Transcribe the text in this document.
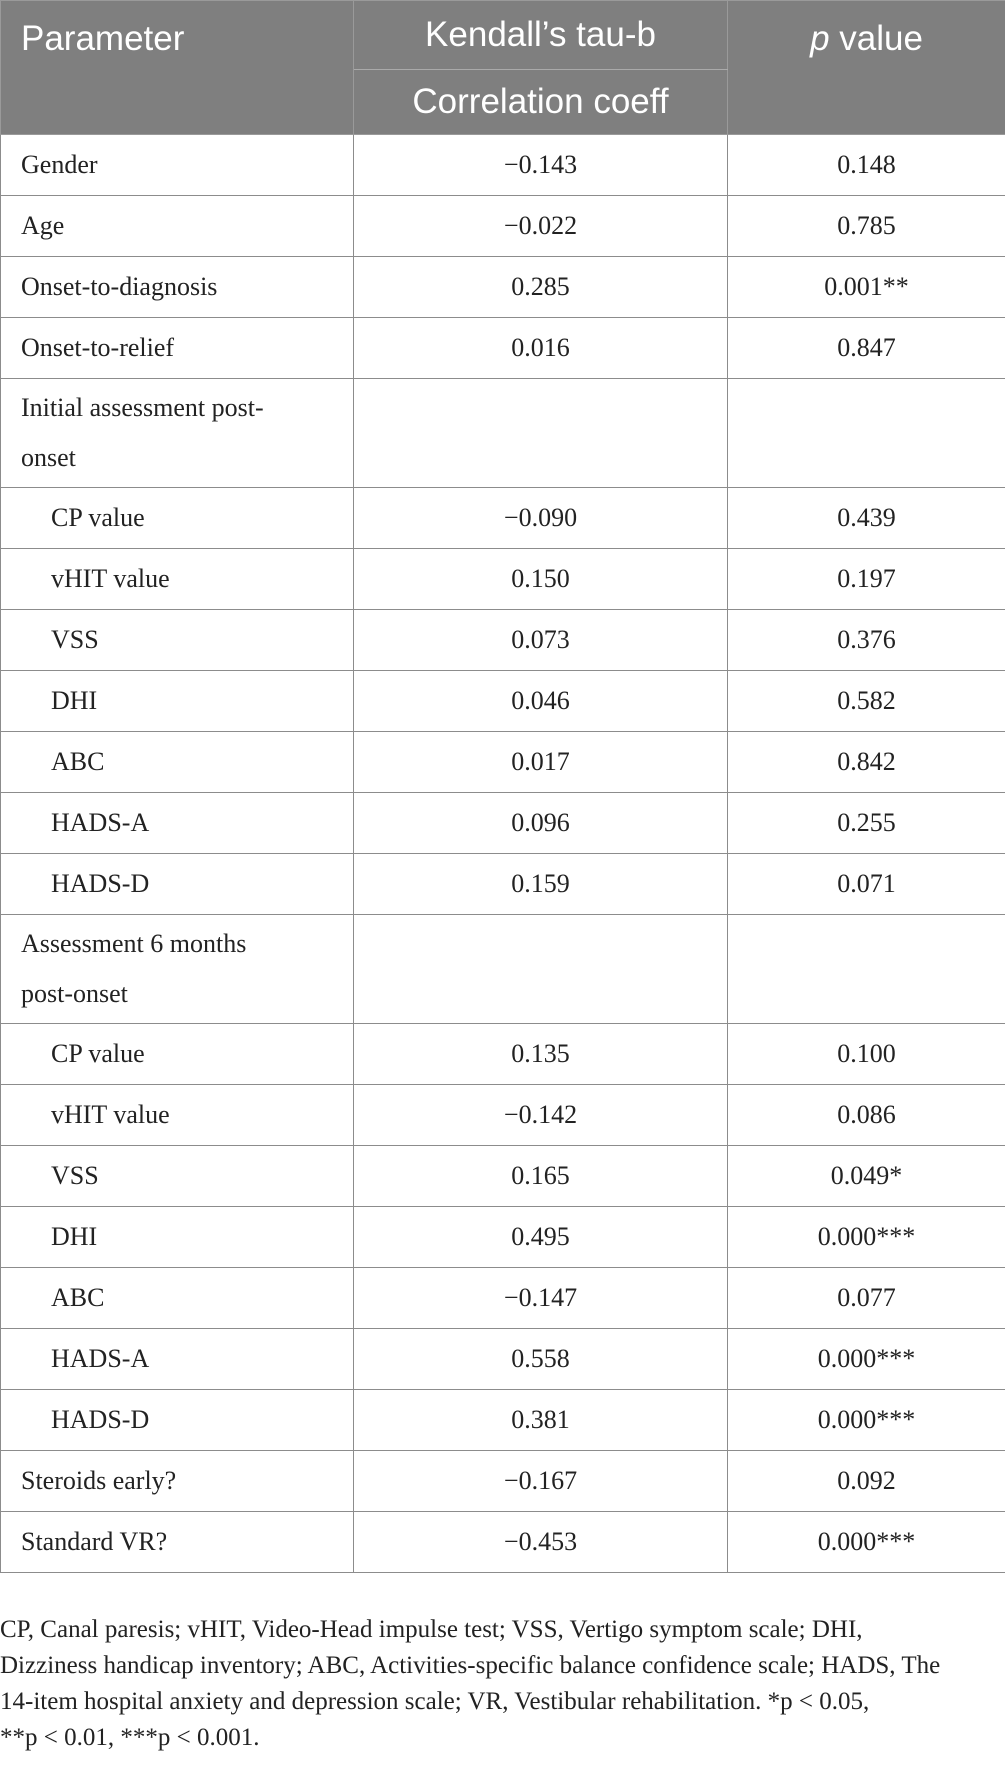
Parameter	Kendall’s tau-b	p value
	Correlation coeff	
Gender	−0.143	0.148
Age	−0.022	0.785
Onset-to-diagnosis	0.285	0.001**
Onset-to-relief	0.016	0.847
Initial assessment post-
onset		
CP value	−0.090	0.439
vHIT value	0.150	0.197
VSS	0.073	0.376
DHI	0.046	0.582
ABC	0.017	0.842
HADS-A	0.096	0.255
HADS-D	0.159	0.071
Assessment 6 months
post-onset		
CP value	0.135	0.100
vHIT value	−0.142	0.086
VSS	0.165	0.049*
DHI	0.495	0.000***
ABC	−0.147	0.077
HADS-A	0.558	0.000***
HADS-D	0.381	0.000***
Steroids early?	−0.167	0.092
Standard VR?	−0.453	0.000***
CP, Canal paresis; vHIT, Video-Head impulse test; VSS, Vertigo symptom scale; DHI,
Dizziness handicap inventory; ABC, Activities-specific balance confidence scale; HADS, The
14-item hospital anxiety and depression scale; VR, Vestibular rehabilitation. *p < 0.05,
**p < 0.01, ***p < 0.001.
